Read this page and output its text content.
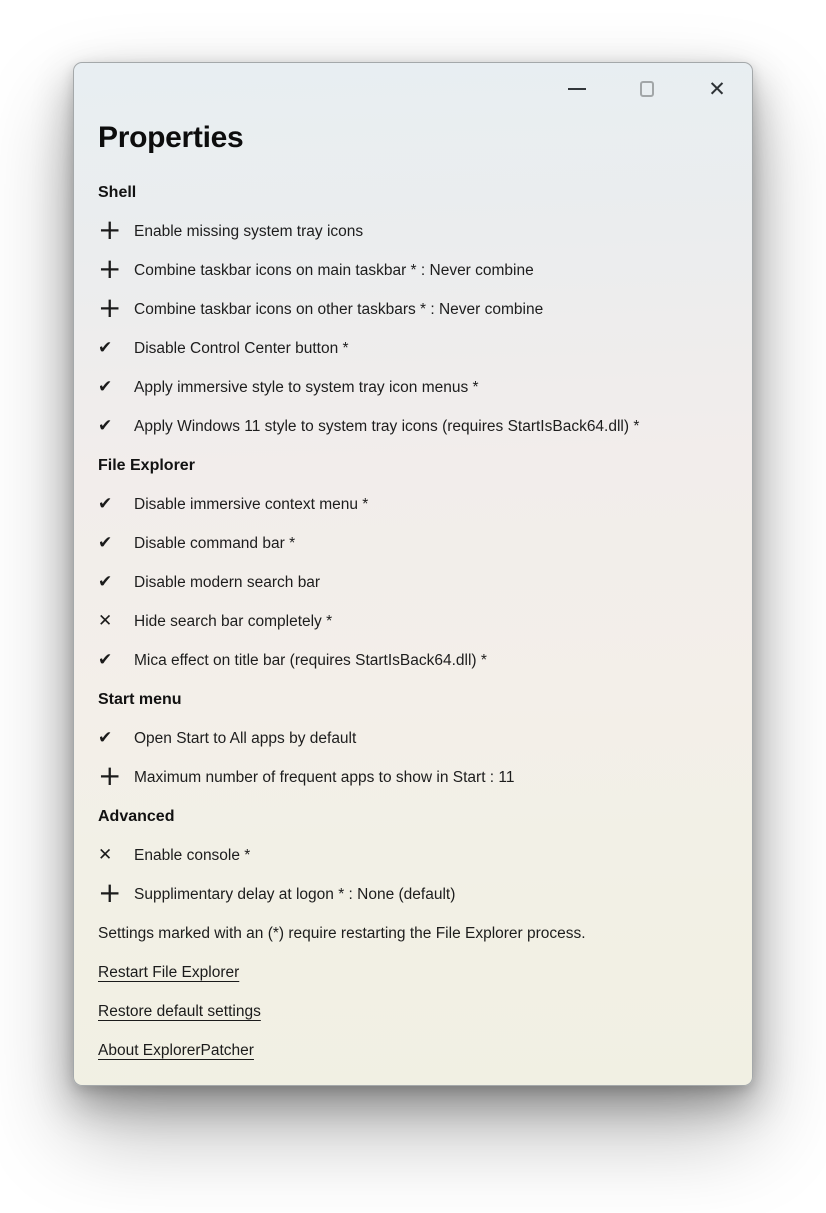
✕
Properties
Shell
+
Enable missing system tray icons
+
Combine taskbar icons on main taskbar * : Never combine
+
Combine taskbar icons on other taskbars * : Never combine
✔
Disable Control Center button *
✔
Apply immersive style to system tray icon menus *
✔
Apply Windows 11 style to system tray icons (requires StartIsBack64.dll) *
File Explorer
✔
Disable immersive context menu *
✔
Disable command bar *
✔
Disable modern search bar
✕
Hide search bar completely *
✔
Mica effect on title bar (requires StartIsBack64.dll) *
Start menu
✔
Open Start to All apps by default
+
Maximum number of frequent apps to show in Start : 11
Advanced
✕
Enable console *
+
Supplimentary delay at logon * : None (default)
Settings marked with an (*) require restarting the File Explorer process.
Restart File Explorer
Restore default settings
About ExplorerPatcher
